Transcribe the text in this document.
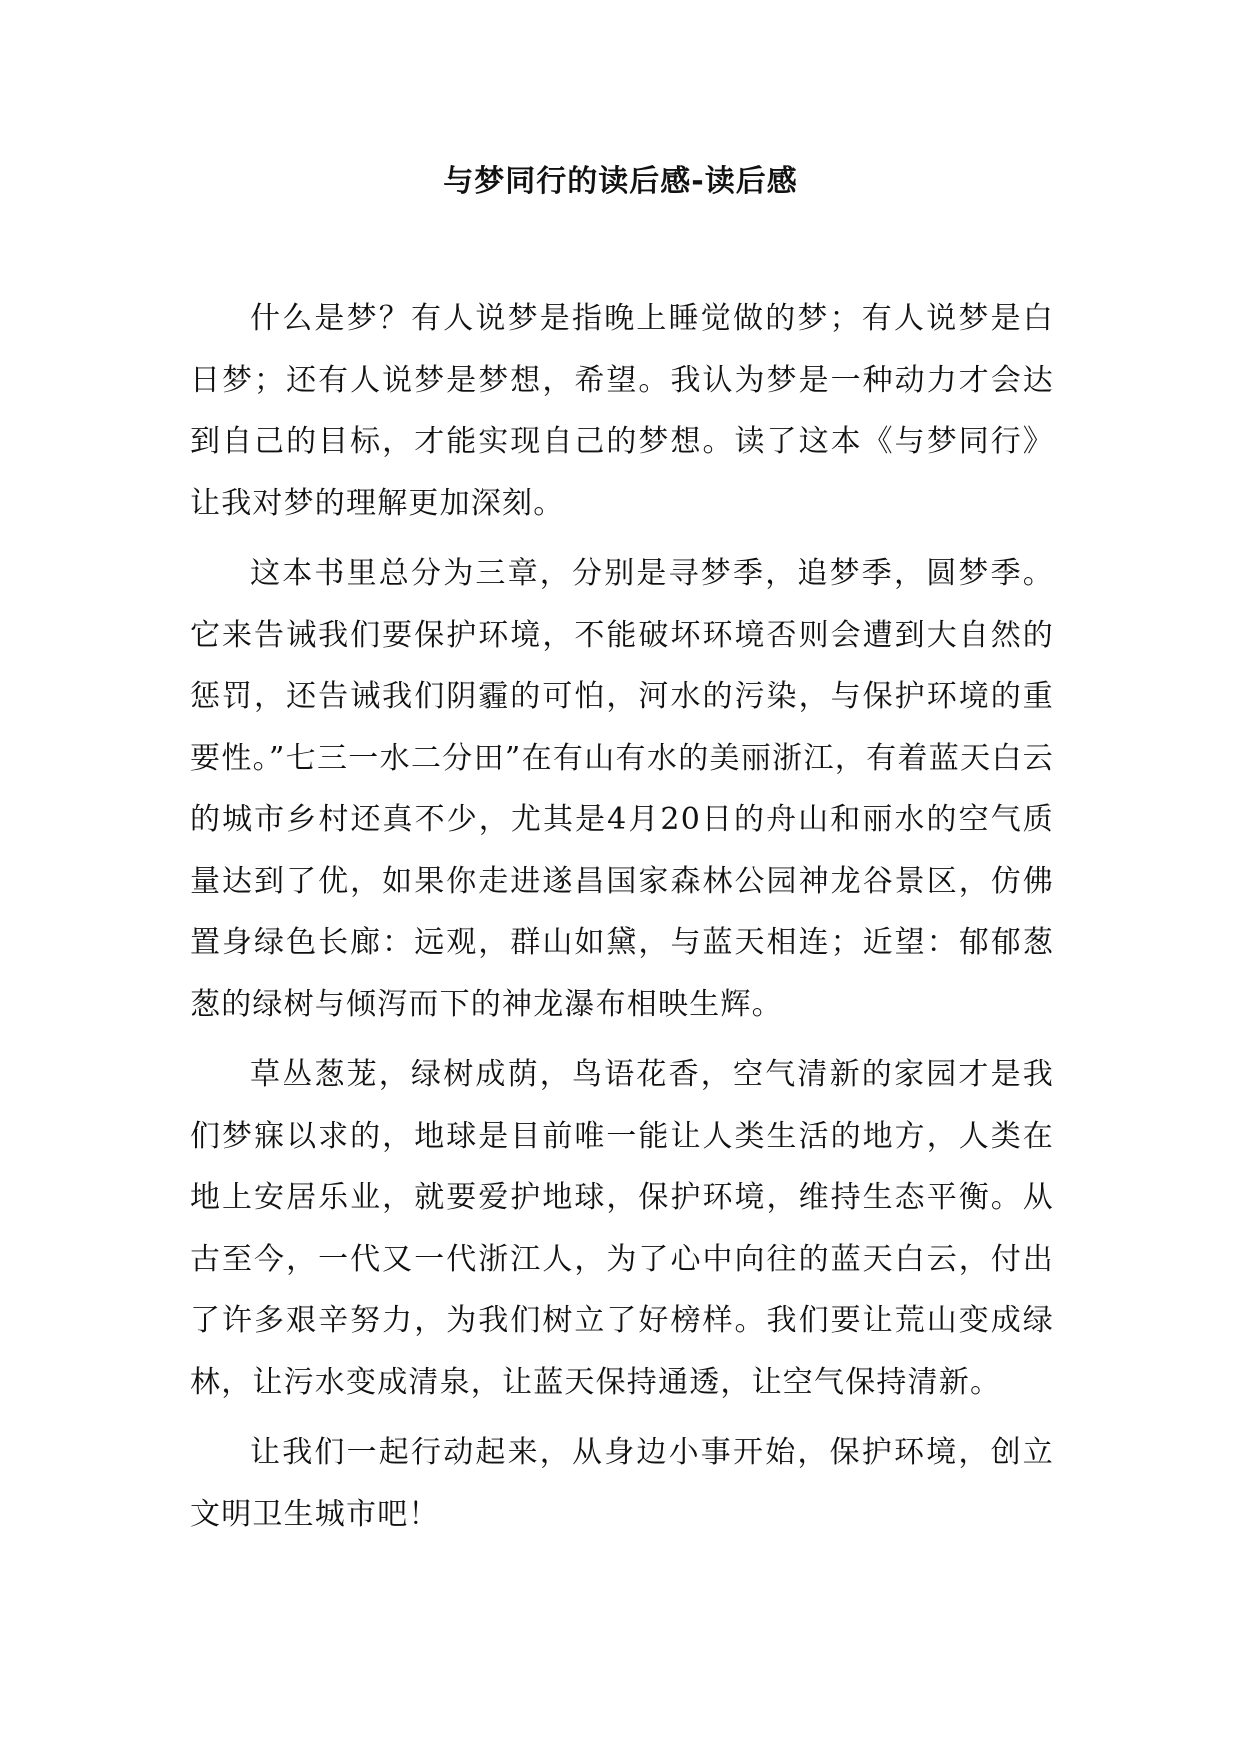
与梦同行的读后感-读后感

什么是梦？有人说梦是指晚上睡觉做的梦；有人说梦是白日梦；还有人说梦是梦想，希望。我认为梦是一种动力才会达到自己的目标，才能实现自己的梦想。读了这本《与梦同行》让我对梦的理解更加深刻。

这本书里总分为三章，分别是寻梦季，追梦季，圆梦季。它来告诫我们要保护环境，不能破坏环境否则会遭到大自然的惩罚，还告诫我们阴霾的可怕，河水的污染，与保护环境的重要性。”七三一水二分田”在有山有水的美丽浙江，有着蓝天白云的城市乡村还真不少，尤其是4月20日的舟山和丽水的空气质量达到了优，如果你走进遂昌国家森林公园神龙谷景区，仿佛置身绿色长廊：远观，群山如黛，与蓝天相连；近望：郁郁葱葱的绿树与倾泻而下的神龙瀑布相映生辉。

草丛葱茏，绿树成荫，鸟语花香，空气清新的家园才是我们梦寐以求的，地球是目前唯一能让人类生活的地方，人类在地上安居乐业，就要爱护地球，保护环境，维持生态平衡。从古至今，一代又一代浙江人，为了心中向往的蓝天白云，付出了许多艰辛努力，为我们树立了好榜样。我们要让荒山变成绿林，让污水变成清泉，让蓝天保持通透，让空气保持清新。

让我们一起行动起来，从身边小事开始，保护环境，创立文明卫生城市吧！
